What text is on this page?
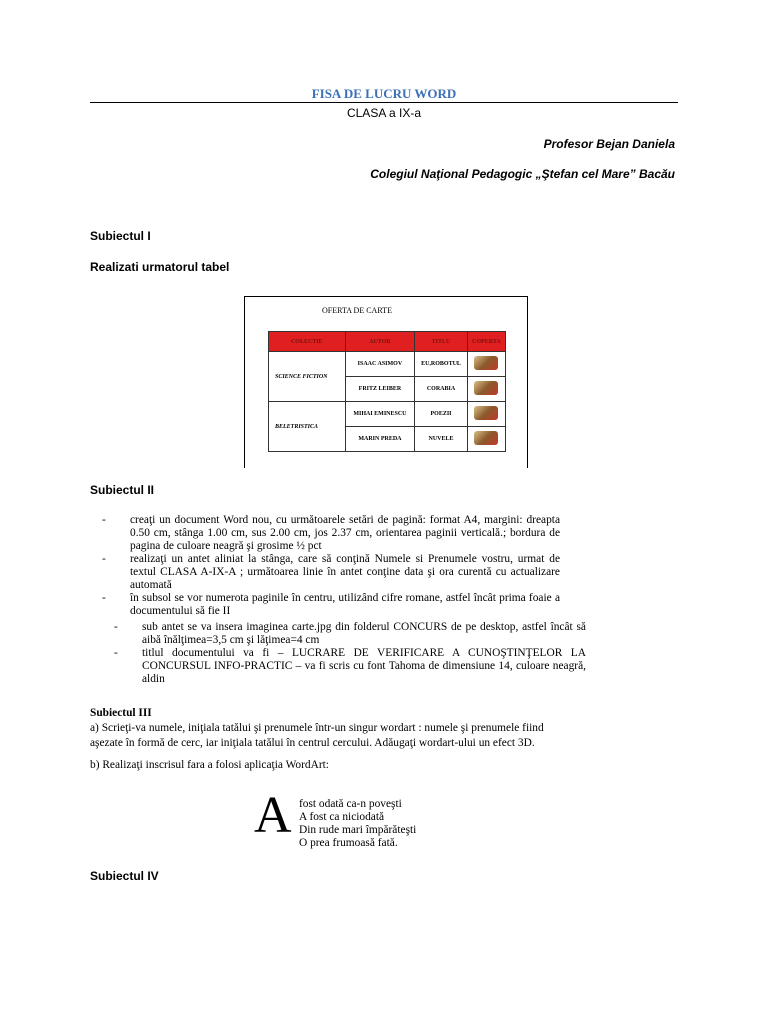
FISA DE LUCRU WORD
CLASA a IX-a
Profesor Bejan Daniela
Colegiul Naţional Pedagogic „Ştefan cel Mare” Bacău
Subiectul I
Realizati urmatorul tabel
OFERTA DE CARTE
COLECTIE	AUTOR	TITLU	COPERTA
SCIENCE FICTION	ISAAC ASIMOV	EU,ROBOTUL	
	FRITZ LEIBER	CORABIA	
BELETRISTICA	MIHAI EMINESCU	POEZII	
	MARIN PREDA	NUVELE	
Subiectul II
-	creaţi un document Word nou, cu următoarele setări de pagină: format A4, margini: dreapta 0.50 cm, stânga 1.00 cm, sus 2.00 cm, jos 2.37 cm, orientarea paginii verticală.; bordura de pagina de culoare neagră şi grosime ½ pct
-	realizaţi un antet aliniat la stânga, care să conţină Numele si Prenumele vostru, urmat de textul CLASA A-IX-A ; următoarea linie în antet conţine data şi ora curentă cu actualizare automată
-	în subsol se vor numerota paginile în centru, utilizând cifre romane, astfel încât prima foaie a documentului să fie II
-	sub antet se va insera imaginea carte.jpg din folderul CONCURS de pe desktop, astfel încât să aibă înălţimea=3,5 cm şi lăţimea=4 cm
-	titlul documentului va fi – LUCRARE DE VERIFICARE A CUNOŞTINŢELOR LA CONCURSUL INFO-PRACTIC – va fi scris cu font Tahoma de dimensiune 14, culoare neagră, aldin
Subiectul III
a) Scrieţi-va numele, iniţiala tatălui şi prenumele într-un singur wordart : numele şi prenumele fiind aşezate în formă de cerc, iar iniţiala tatălui în centrul cercului. Adăugaţi wordart-ului un efect 3D.
b) Realizaţi inscrisul fara a folosi aplicaţia WordArt:
A fost odată ca-n poveşti
A fost ca niciodată
Din rude mari împărăteşti
O prea frumoasă fată.
Subiectul IV
